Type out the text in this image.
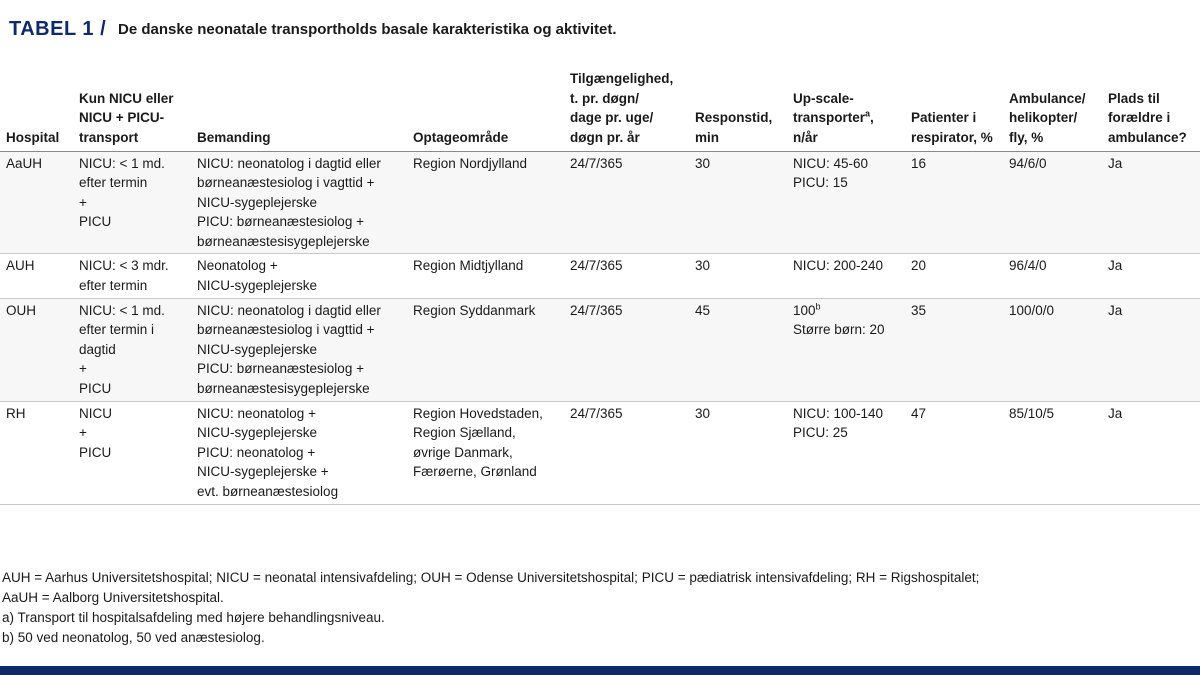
TABEL 1 / De danske neonatale transportholds basale karakteristika og aktivitet.
Hospital	Kun NICU eller
NICU + PICU-
transport	Bemanding	Optageområde	Tilgængelighed,
t. pr. døgn/
dage pr. uge/
døgn pr. år	Responstid,
min	Up-scale-
transporter$^a$,
n/år	Patienter i
respirator, %	Ambulance/
helikopter/
fly, %	Plads til
forældre i
ambulance?

AaUH	NICU: < 1 md.
efter termin
+
PICU	NICU: neonatolog i dagtid eller
børneanæstesiolog i vagttid +
NICU-sygeplejerske
PICU: børneanæstesiolog +
børneanæstesisygeplejerske	Region Nordjylland	24/7/365	30	NICU: 45-60
PICU: 15	16	94/6/0	Ja

AUH	NICU: < 3 mdr.
efter termin	Neonatolog +
NICU-sygeplejerske	Region Midtjylland	24/7/365	30	NICU: 200-240	20	96/4/0	Ja

OUH	NICU: < 1 md.
efter termin i
dagtid
+
PICU	NICU: neonatolog i dagtid eller
børneanæstesiolog i vagttid +
NICU-sygeplejerske
PICU: børneanæstesiolog +
børneanæstesisygeplejerske	Region Syddanmark	24/7/365	45	100$^b$
Større børn: 20	35	100/0/0	Ja

RH	NICU
+
PICU	NICU: neonatolog +
NICU-sygeplejerske
PICU: neonatolog +
NICU-sygeplejerske +
evt. børneanæstesiolog	Region Hovedstaden,
Region Sjælland,
øvrige Danmark,
Færøerne, Grønland	24/7/365	30	NICU: 100-140
PICU: 25	47	85/10/5	Ja
AUH = Aarhus Universitetshospital; NICU = neonatal intensivafdeling; OUH = Odense Universitetshospital; PICU = pædiatrisk intensivafdeling; RH = Rigshospitalet;
AaUH = Aalborg Universitetshospital.
a) Transport til hospitalsafdeling med højere behandlingsniveau.
b) 50 ved neonatolog, 50 ved anæstesiolog.
